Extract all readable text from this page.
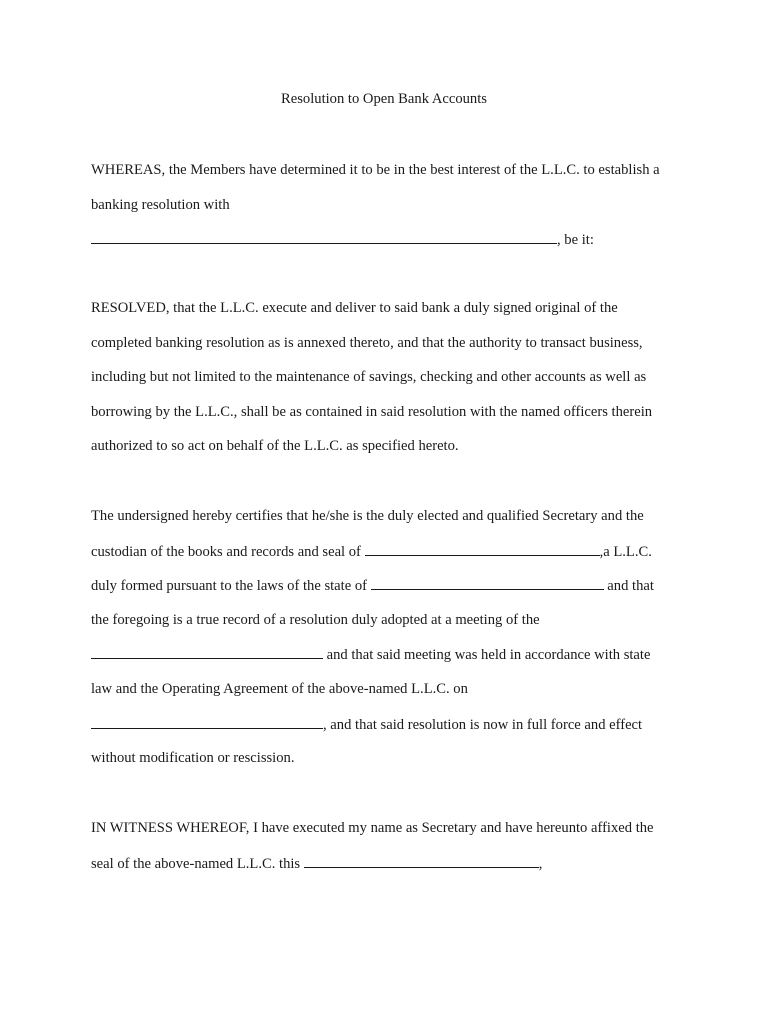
Resolution to Open Bank Accounts
WHEREAS, the Members have determined it to be in the best interest of the L.L.C. to establish a
banking resolution with
, be it:
RESOLVED, that the L.L.C. execute and deliver to said bank a duly signed original of the
completed banking resolution as is annexed thereto, and that the authority to transact business,
including but not limited to the maintenance of savings, checking and other accounts as well as
borrowing by the L.L.C., shall be as contained in said resolution with the named officers therein
authorized to so act on behalf of the L.L.C. as specified hereto.
The undersigned hereby certifies that he/she is the duly elected and qualified Secretary and the
custodian of the books and records and seal of	,a L.L.C.
duly formed pursuant to the laws of the state of	and that
the foregoing is a true record of a resolution duly adopted at a meeting of the
and that said meeting was held in accordance with state
law and the Operating Agreement of the above-named L.L.C. on
, and that said resolution is now in full force and effect
without modification or rescission.
IN WITNESS WHEREOF, I have executed my name as Secretary and have hereunto affixed the
seal of the above-named L.L.C. this	,
